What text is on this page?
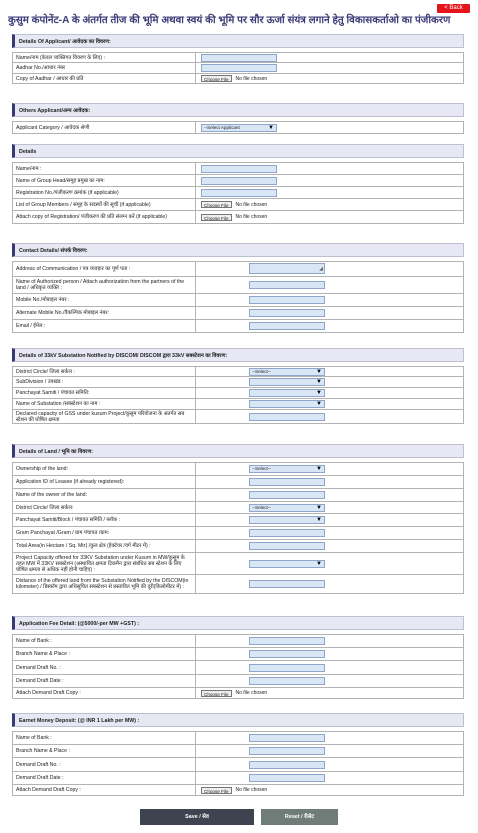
< Back
कुसुम कंपोनेंट-A के अंतर्गत तीज की भूमि अथवा स्वयं की भूमि पर सौर ऊर्जा संयंत्र लगाने हेतु विकासकर्ताओ का पंजीकरण
Details Of Applicant/ आवेदक का विवरण:
Name/नाम (केवल व्यक्तिगत विवरण के लिए) :	
Aadhar No./आधार नंबर	
Copy of Aadhar / आधार की प्रति	Choose File No file chosen
Others Applicant/अन्य आवेदक:
Applicant Category / आवेदक श्रेणी	--Select Applicant	▼
Details
Name/नाम :	
Name of Group Head/समूह प्रमुख का नाम:	
Registration No./पंजीकरण क्रमांक (if applicable)	
List of Group Members / समूह के सदस्यों की सूची (if applicable)	Choose File No file chosen

Attach copy of Registration/ पंजीकरण की प्रति संलग्न करें (if applicable)	Choose File No file chosen
Contact Details/ संपर्क विवरण:
Address of Communication / पत्र व्यवहार का पूर्ण पता :	◢

Name of Authorized person / Attach authorization from the partners of the land / अधिकृत व्यक्ति :	
Mobile No./मोबाइल नंबर :	
Alternate Mobile No./वैकल्पिक मोबाइल नंबर:	
Email / ईमेल :	
Details of 33kV Substation Notified by DISCOM/ DISCOM द्वारा 33kV सबस्टेशन का विवरण:
District Circle/ जिला सर्कल :	--Select-- ▼

SubDivision / उपखंड :	▼

Panchayat Samiti / पंचायत समिति:	▼

Name of Substation /सबस्टेशन का नाम :	▼

Declared capacity of GSS under kusum Project/कुसुम परियोजना के अंतर्गत सब स्टेशन की घोषित क्षमता	
Details of Land / भूमि का विवरण:
Ownership of the land:	--Select-- ▼

Application ID of Leasee (if already registered):	
Name of the owner of the land:	
District Circle/ जिला सर्कल:	--Select-- ▼

Panchayat Samiti/Block / पंचायत समिति / ब्लॉक :	▼

Gram Panchayat /Gram / ग्राम पंचायत /ग्राम:	
Total Area(in Hectare / Sq. Mtr) /कुल क्षेत्र (हेक्टेयर /वर्ग मीटर में) :	
Project Capacity offered for 33KV Substation under Kusum in MW/कुसुम के तहत MW में 33KV सबस्टेशन (अस्थायित क्षमता टिकमैन द्वारा संबंधित सब स्टेशन के लिए घोषित क्षमता से अधिक नहीं होनी चाहिए) :	▼

Distance of the offered land from the Substation Notified by the DISCOM(in kilometer) / डिस्कॉम द्वारा अधिसूचित सबस्टेशन से प्रस्तावित भूमि की दूरी(किलोमीटर में) :	
Application Fee Detail: (@5000/-per MW +GST) :
Name of Bank :	
Branch Name & Place :	
Demand Draft No. :	
Demand Draft Date :	
Attach Demand Draft Copy :	Choose File No file chosen
Earnet Money Deposit: (@ INR 1 Lakh per MW) :
Name of Bank :	
Branch Name & Place :	
Demand Draft No. :	
Demand Draft Date :	
Attach Demand Draft Copy :	Choose File No file chosen
Save / सेव	Reset / रीसेट
